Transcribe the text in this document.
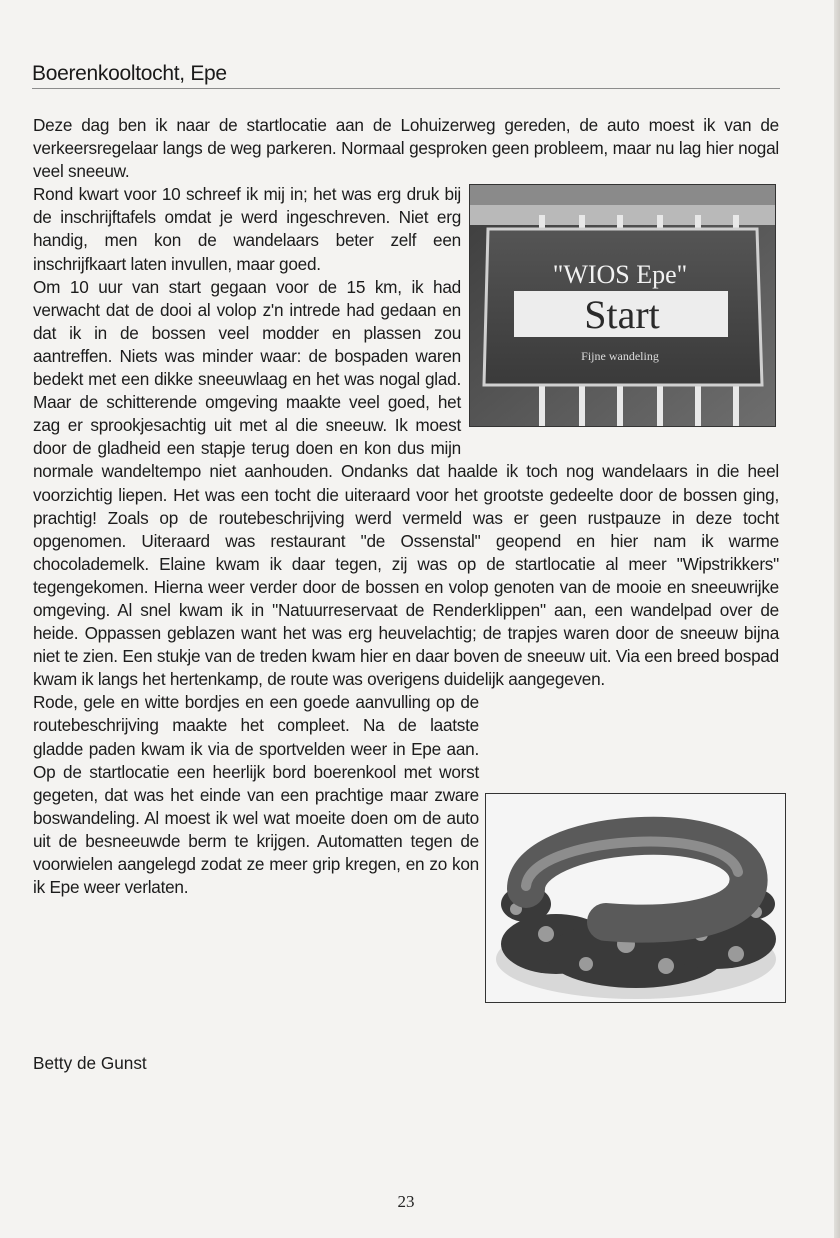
Boerenkooltocht, Epe
"WIOS Epe"
Start
Fijne wandeling

Deze dag ben ik naar de startlocatie aan de Lohuizerweg gereden, de auto moest ik van de verkeersregelaar langs de weg parkeren. Normaal gesproken geen probleem, maar nu lag hier nogal veel sneeuw.

Rond kwart voor 10 schreef ik mij in; het was erg druk bij de inschrijftafels omdat je werd ingeschreven. Niet erg handig, men kon de wandelaars beter zelf een inschrijfkaart laten invullen, maar goed.

Om 10 uur van start gegaan voor de 15 km, ik had verwacht dat de dooi al volop z'n intrede had gedaan en dat ik in de bossen veel modder en plassen zou aantreffen. Niets was minder waar: de bospaden waren bedekt met een dikke sneeuwlaag en het was nogal glad. Maar de schitterende omgeving maakte veel goed, het zag er sprookjesachtig uit met al die sneeuw. Ik moest door de gladheid een stapje terug doen en kon dus mijn normale wandeltempo niet aanhouden. Ondanks dat haalde ik toch nog wandelaars in die heel voorzichtig liepen. Het was een tocht die uiteraard voor het grootste gedeelte door de bossen ging, prachtig! Zoals op de routebeschrijving werd vermeld was er geen rustpauze in deze tocht opgenomen. Uiteraard was restaurant "de Ossenstal" geopend en hier nam ik warme chocolademelk. Elaine kwam ik daar tegen, zij was op de startlocatie al meer "Wipstrikkers" tegengekomen. Hierna weer verder door de bossen en volop genoten van de mooie en sneeuwrijke omgeving. Al snel kwam ik in "Natuurreservaat de Renderklippen" aan, een wandelpad over de heide. Oppassen geblazen want het was erg heuvelachtig; de trapjes waren door de sneeuw bijna niet te zien. Een stukje van de treden kwam hier en daar boven de sneeuw uit. Via een breed bospad kwam ik langs het hertenkamp, de route was overigens duidelijk aangegeven.

Rode, gele en witte bordjes en een goede aanvulling op de routebeschrijving maakte het compleet. Na de laatste gladde paden kwam ik via de sportvelden weer in Epe aan. Op de startlocatie een heerlijk bord boerenkool met worst gegeten, dat was het einde van een prachtige maar zware boswandeling. Al moest ik wel wat moeite doen om de auto uit de besneeuwde berm te krijgen. Automatten tegen de voorwielen aangelegd zodat ze meer grip kregen, en zo kon ik Epe weer verlaten.

Betty de Gunst
23
